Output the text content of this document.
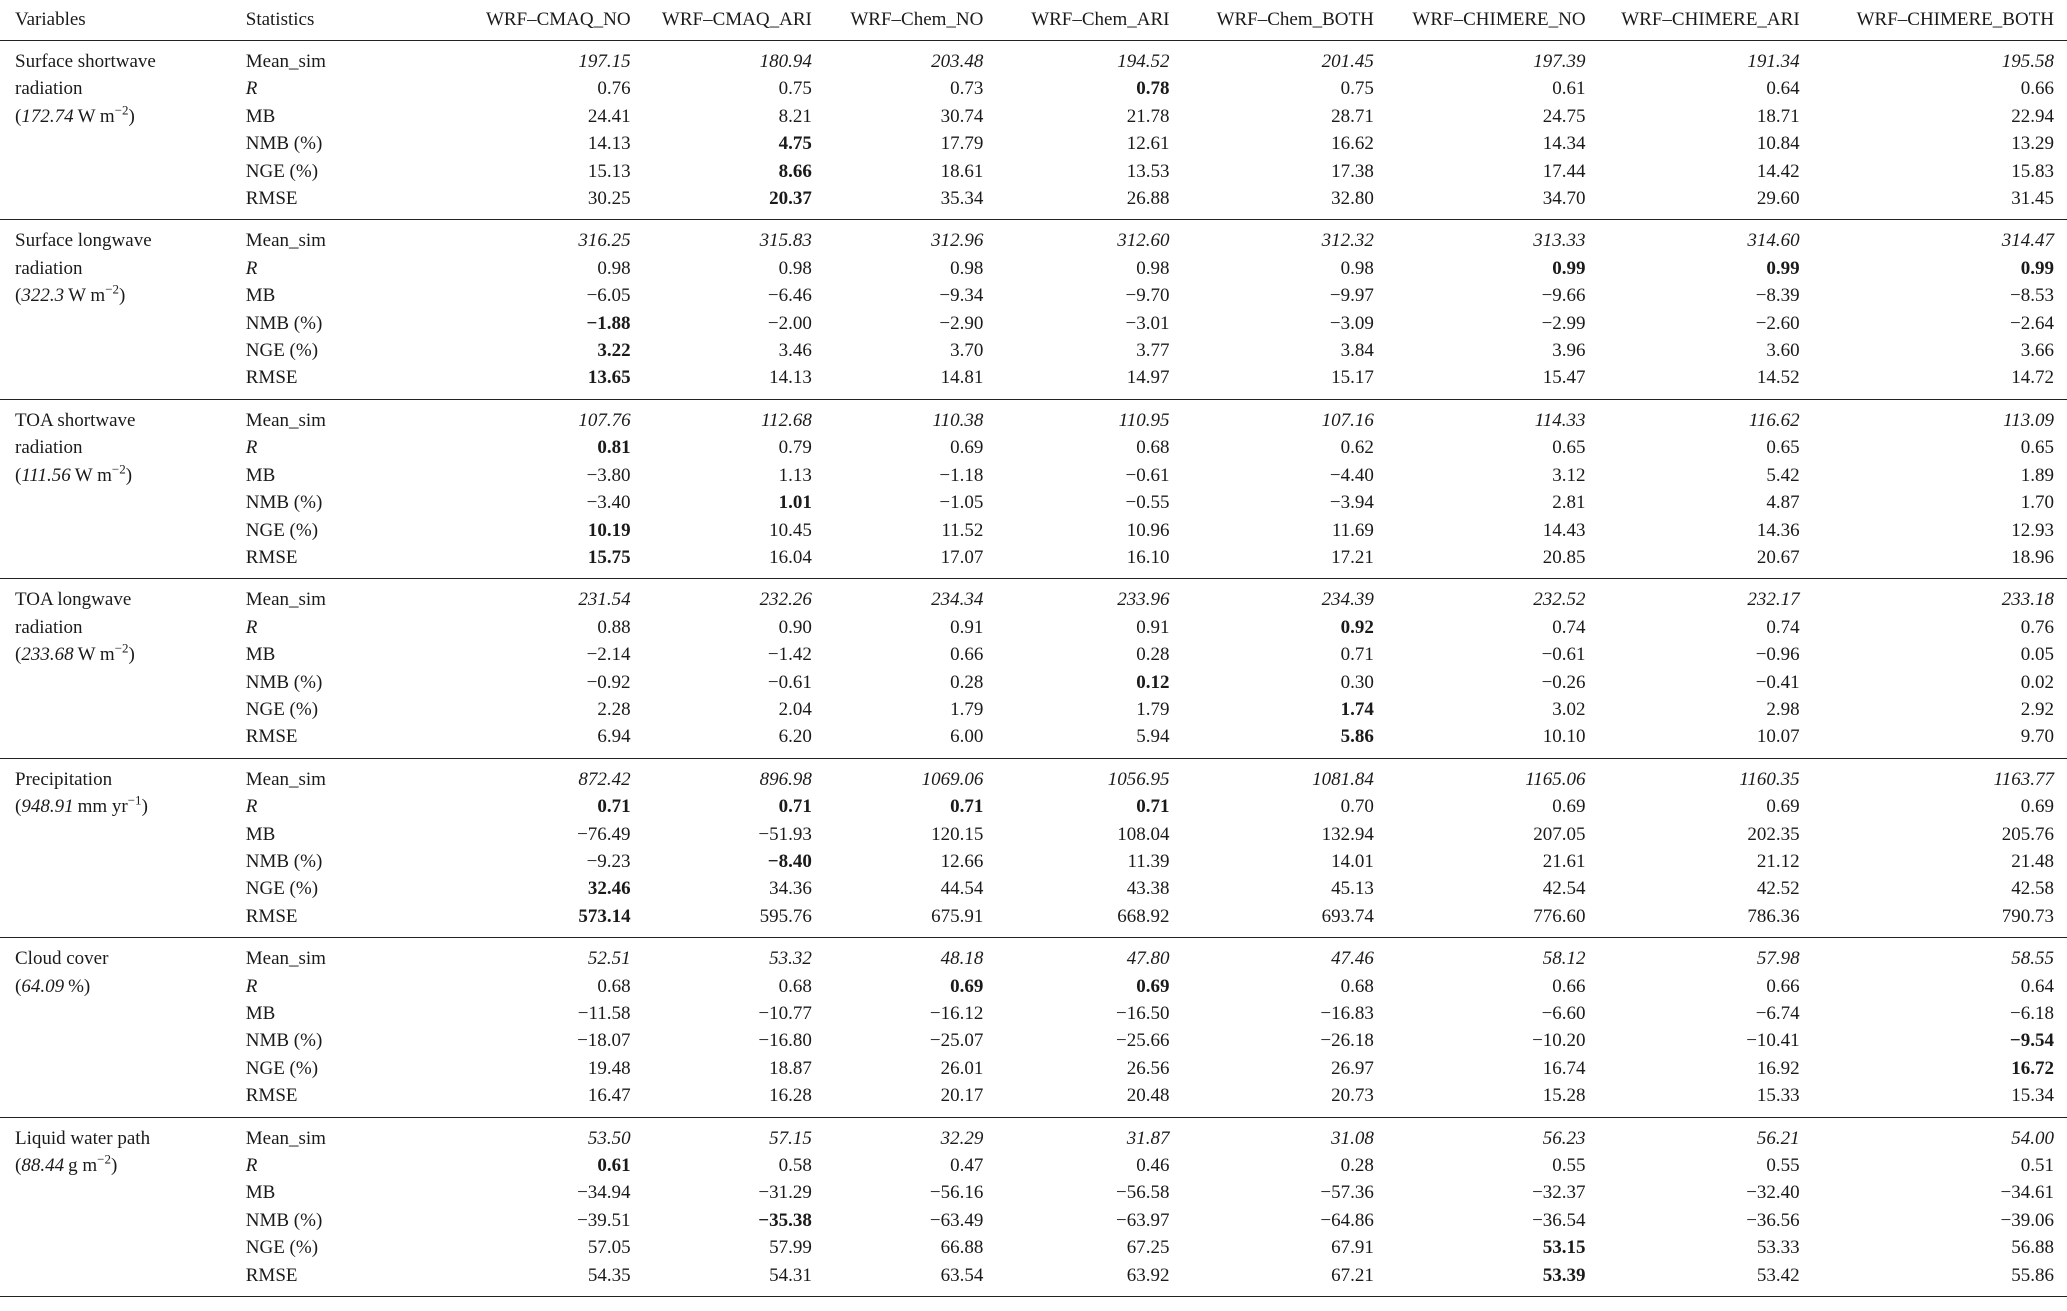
Variables	Statistics	WRF–CMAQ_NO	WRF–CMAQ_ARI	WRF–Chem_NO	WRF–Chem_ARI	WRF–Chem_BOTH	WRF–CHIMERE_NO	WRF–CHIMERE_ARI	WRF–CHIMERE_BOTH

Surface shortwave
radiation
(172.74 W $m^{-2}$)	Mean_sim	197.15	180.94	203.48	194.52	201.45	197.39	191.34	195.58
	R	0.76	0.75	0.73	0.78	0.75	0.61	0.64	0.66
	MB	24.41	8.21	30.74	21.78	28.71	24.75	18.71	22.94
	NMB (%)	14.13	4.75	17.79	12.61	16.62	14.34	10.84	13.29
	NGE (%)	15.13	8.66	18.61	13.53	17.38	17.44	14.42	15.83
	RMSE	30.25	20.37	35.34	26.88	32.80	34.70	29.60	31.45

Surface longwave
radiation
(322.3 W $m^{-2}$)	Mean_sim	316.25	315.83	312.96	312.60	312.32	313.33	314.60	314.47
	R	0.98	0.98	0.98	0.98	0.98	0.99	0.99	0.99
	MB	−6.05	−6.46	−9.34	−9.70	−9.97	−9.66	−8.39	−8.53
	NMB (%)	−1.88	−2.00	−2.90	−3.01	−3.09	−2.99	−2.60	−2.64
	NGE (%)	3.22	3.46	3.70	3.77	3.84	3.96	3.60	3.66
	RMSE	13.65	14.13	14.81	14.97	15.17	15.47	14.52	14.72

TOA shortwave
radiation
(111.56 W $m^{-2}$)	Mean_sim	107.76	112.68	110.38	110.95	107.16	114.33	116.62	113.09
	R	0.81	0.79	0.69	0.68	0.62	0.65	0.65	0.65
	MB	−3.80	1.13	−1.18	−0.61	−4.40	3.12	5.42	1.89
	NMB (%)	−3.40	1.01	−1.05	−0.55	−3.94	2.81	4.87	1.70
	NGE (%)	10.19	10.45	11.52	10.96	11.69	14.43	14.36	12.93
	RMSE	15.75	16.04	17.07	16.10	17.21	20.85	20.67	18.96

TOA longwave
radiation
(233.68 W $m^{-2}$)	Mean_sim	231.54	232.26	234.34	233.96	234.39	232.52	232.17	233.18
	R	0.88	0.90	0.91	0.91	0.92	0.74	0.74	0.76
	MB	−2.14	−1.42	0.66	0.28	0.71	−0.61	−0.96	0.05
	NMB (%)	−0.92	−0.61	0.28	0.12	0.30	−0.26	−0.41	0.02
	NGE (%)	2.28	2.04	1.79	1.79	1.74	3.02	2.98	2.92
	RMSE	6.94	6.20	6.00	5.94	5.86	10.10	10.07	9.70

Precipitation
(948.91 mm $yr^{-1}$)	Mean_sim	872.42	896.98	1069.06	1056.95	1081.84	1165.06	1160.35	1163.77
	R	0.71	0.71	0.71	0.71	0.70	0.69	0.69	0.69
	MB	−76.49	−51.93	120.15	108.04	132.94	207.05	202.35	205.76
	NMB (%)	−9.23	−8.40	12.66	11.39	14.01	21.61	21.12	21.48
	NGE (%)	32.46	34.36	44.54	43.38	45.13	42.54	42.52	42.58
	RMSE	573.14	595.76	675.91	668.92	693.74	776.60	786.36	790.73

Cloud cover
(64.09 %)	Mean_sim	52.51	53.32	48.18	47.80	47.46	58.12	57.98	58.55
	R	0.68	0.68	0.69	0.69	0.68	0.66	0.66	0.64
	MB	−11.58	−10.77	−16.12	−16.50	−16.83	−6.60	−6.74	−6.18
	NMB (%)	−18.07	−16.80	−25.07	−25.66	−26.18	−10.20	−10.41	−9.54
	NGE (%)	19.48	18.87	26.01	26.56	26.97	16.74	16.92	16.72
	RMSE	16.47	16.28	20.17	20.48	20.73	15.28	15.33	15.34

Liquid water path
(88.44 g $m^{-2}$)	Mean_sim	53.50	57.15	32.29	31.87	31.08	56.23	56.21	54.00
	R	0.61	0.58	0.47	0.46	0.28	0.55	0.55	0.51
	MB	−34.94	−31.29	−56.16	−56.58	−57.36	−32.37	−32.40	−34.61
	NMB (%)	−39.51	−35.38	−63.49	−63.97	−64.86	−36.54	−36.56	−39.06
	NGE (%)	57.05	57.99	66.88	67.25	67.91	53.15	53.33	56.88
	RMSE	54.35	54.31	63.54	63.92	67.21	53.39	53.42	55.86
